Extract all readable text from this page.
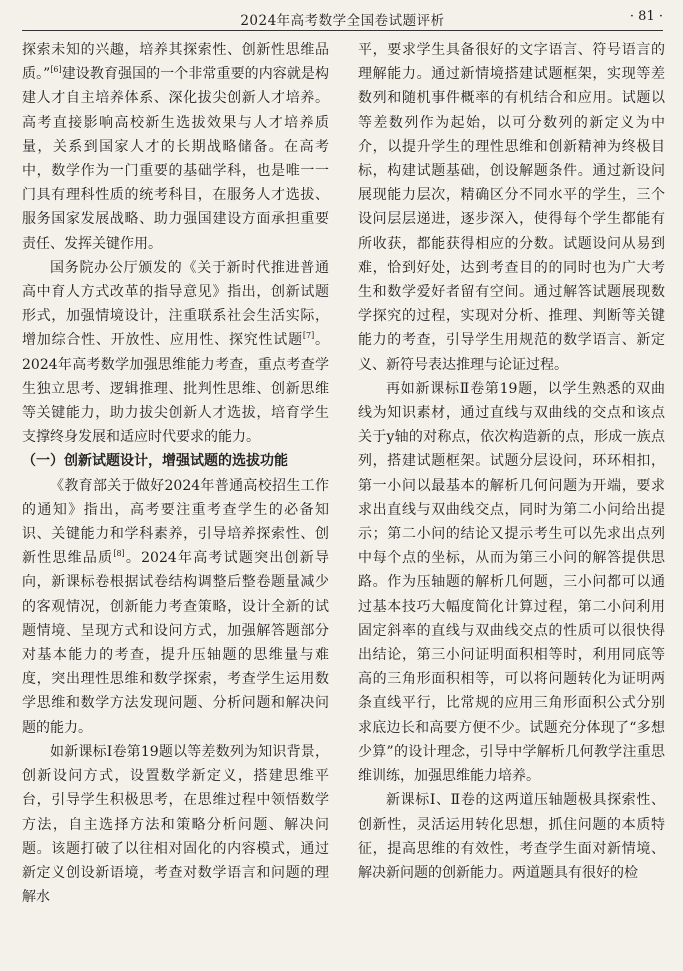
2024年高考数学全国卷试题评析	· 81 ·

探索未知的兴趣，培养其探索性、创新性思维品质。”[6]建设教育强国的一个非常重要的内容就是构建人才自主培养体系、深化拔尖创新人才培养。高考直接影响高校新生选拔效果与人才培养质量，关系到国家人才的长期战略储备。在高考中，数学作为一门重要的基础学科，也是唯一一门具有理科性质的统考科目，在服务人才选拔、服务国家发展战略、助力强国建设方面承担重要责任、发挥关键作用。

国务院办公厅颁发的《关于新时代推进普通高中育人方式改革的指导意见》指出，创新试题形式，加强情境设计，注重联系社会生活实际，增加综合性、开放性、应用性、探究性试题[7]。2024年高考数学加强思维能力考查，重点考查学生独立思考、逻辑推理、批判性思维、创新思维等关键能力，助力拔尖创新人才选拔，培育学生支撑终身发展和适应时代要求的能力。

（一）创新试题设计，增强试题的选拔功能

《教育部关于做好2024年普通高校招生工作的通知》指出，高考要注重考查学生的必备知识、关键能力和学科素养，引导培养探索性、创新性思维品质[8]。2024年高考试题突出创新导向，新课标卷根据试卷结构调整后整卷题量减少的客观情况，创新能力考查策略，设计全新的试题情境、呈现方式和设问方式，加强解答题部分对基本能力的考查，提升压轴题的思维量与难度，突出理性思维和数学探索，考查学生运用数学思维和数学方法发现问题、分析问题和解决问题的能力。

如新课标Ⅰ卷第19题以等差数列为知识背景，创新设问方式，设置数学新定义，搭建思维平台，引导学生积极思考，在思维过程中领悟数学方法，自主选择方法和策略分析问题、解决问题。该题打破了以往相对固化的内容模式，通过新定义创设新语境，考查对数学语言和问题的理解水

平，要求学生具备很好的文字语言、符号语言的理解能力。通过新情境搭建试题框架，实现等差数列和随机事件概率的有机结合和应用。试题以等差数列作为起始，以可分数列的新定义为中介，以提升学生的理性思维和创新精神为终极目标，构建试题基础，创设解题条件。通过新设问展现能力层次，精确区分不同水平的学生，三个设问层层递进，逐步深入，使得每个学生都能有所收获，都能获得相应的分数。试题设问从易到难，恰到好处，达到考查目的的同时也为广大考生和数学爱好者留有空间。通过解答试题展现数学探究的过程，实现对分析、推理、判断等关键能力的考查，引导学生用规范的数学语言、新定义、新符号表达推理与论证过程。

再如新课标Ⅱ卷第19题，以学生熟悉的双曲线为知识素材，通过直线与双曲线的交点和该点关于y轴的对称点，依次构造新的点，形成一族点列，搭建试题框架。试题分层设问，环环相扣，第一小问以最基本的解析几何问题为开端，要求求出直线与双曲线交点，同时为第二小问给出提示；第二小问的结论又提示考生可以先求出点列中每个点的坐标，从而为第三小问的解答提供思路。作为压轴题的解析几何题，三小问都可以通过基本技巧大幅度简化计算过程，第二小问利用固定斜率的直线与双曲线交点的性质可以很快得出结论，第三小问证明面积相等时，利用同底等高的三角形面积相等，可以将问题转化为证明两条直线平行，比常规的应用三角形面积公式分别求底边长和高要方便不少。试题充分体现了“多想少算”的设计理念，引导中学解析几何教学注重思维训练，加强思维能力培养。

新课标Ⅰ、Ⅱ卷的这两道压轴题极具探索性、创新性，灵活运用转化思想，抓住问题的本质特征，提高思维的有效性，考查学生面对新情境、解决新问题的创新能力。两道题具有很好的检
